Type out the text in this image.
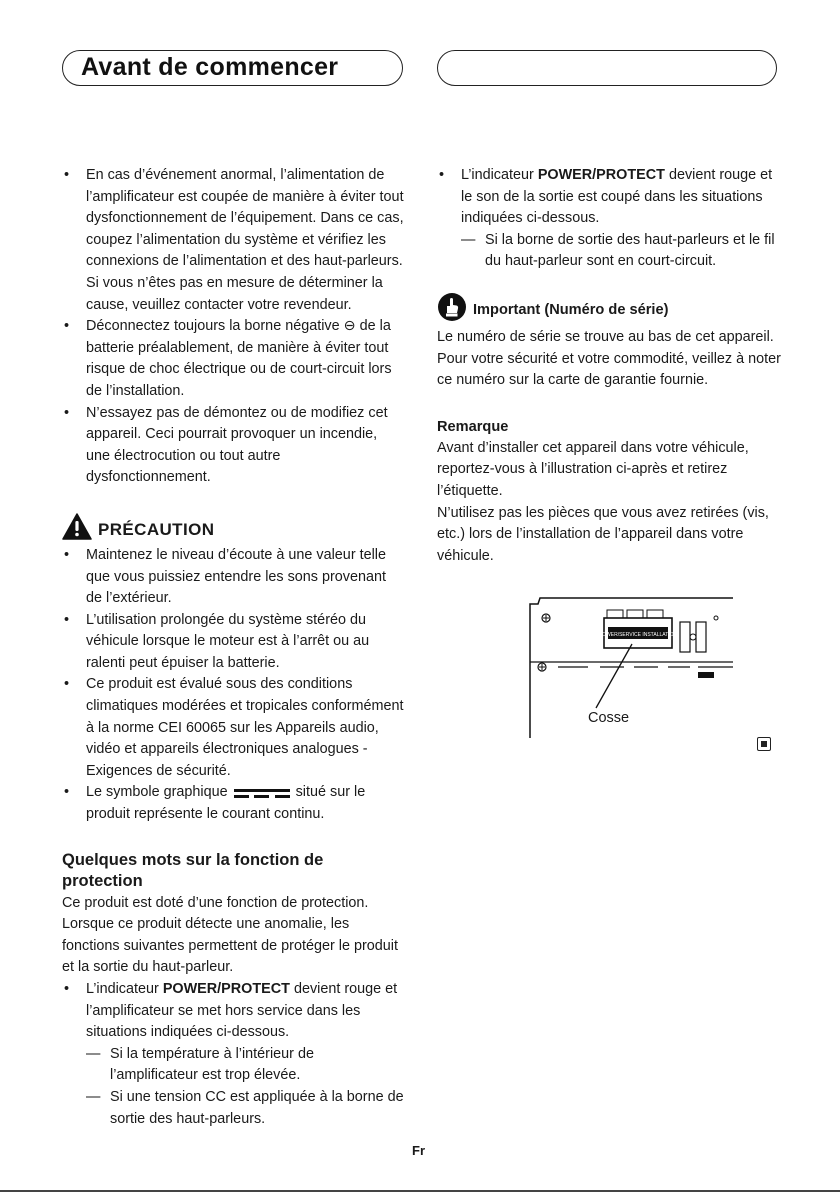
Avant de commencer
• En cas d’événement anormal, l’alimentation de l’amplificateur est coupée de manière à éviter tout dysfonctionnement de l’équipement. Dans ce cas, coupez l’alimentation du système et vérifiez les connexions de l’alimentation et des haut-parleurs. Si vous n’êtes pas en mesure de déterminer la cause, veuillez contacter votre revendeur.
• Déconnectez toujours la borne négative ⊖ de la batterie préalablement, de manière à éviter tout risque de choc électrique ou de court-circuit lors de l’installation.
• N’essayez pas de démontez ou de modifiez cet appareil. Ceci pourrait provoquer un incendie, une électrocution ou tout autre dysfonctionnement.
PRÉCAUTION
• Maintenez le niveau d’écoute à une valeur telle que vous puissiez entendre les sons provenant de l’extérieur.
• L’utilisation prolongée du système stéréo du véhicule lorsque le moteur est à l’arrêt ou au ralenti peut épuiser la batterie.
• Ce produit est évalué sous des conditions climatiques modérées et tropicales conformément à la norme CEI 60065 sur les Appareils audio, vidéo et appareils électroniques analogues - Exigences de sécurité.
• Le symbole graphique	situé sur le produit représente le courant continu.
Quelques mots sur la fonction de protection

Ce produit est doté d’une fonction de protection. Lorsque ce produit détecte une anomalie, les fonctions suivantes permettent de protéger le produit et la sortie du haut-parleur.

• L’indicateur POWER/PROTECT devient rouge et l’amplificateur se met hors service dans les situations indiquées ci-dessous.
— Si la température à l’intérieur de l’amplificateur est trop élevée.
— Si une tension CC est appliquée à la borne de sortie des haut-parleurs.
• L’indicateur POWER/PROTECT devient rouge et le son de la sortie est coupé dans les situations indiquées ci-dessous.
— Si la borne de sortie des haut-parleurs et le fil du haut-parleur sont en court-circuit.
Important (Numéro de série)

Le numéro de série se trouve au bas de cet appareil. Pour votre sécurité et votre commodité, veillez à noter ce numéro sur la carte de garantie fournie.

Remarque

Avant d’installer cet appareil dans votre véhicule, reportez-vous à l’illustration ci-après et retirez l’étiquette.

N’utilisez pas les pièces que vous avez retirées (vis, etc.) lors de l’installation de l’appareil dans votre véhicule.

POWER/SERVICE INSTALLATION
Cosse
Fr
